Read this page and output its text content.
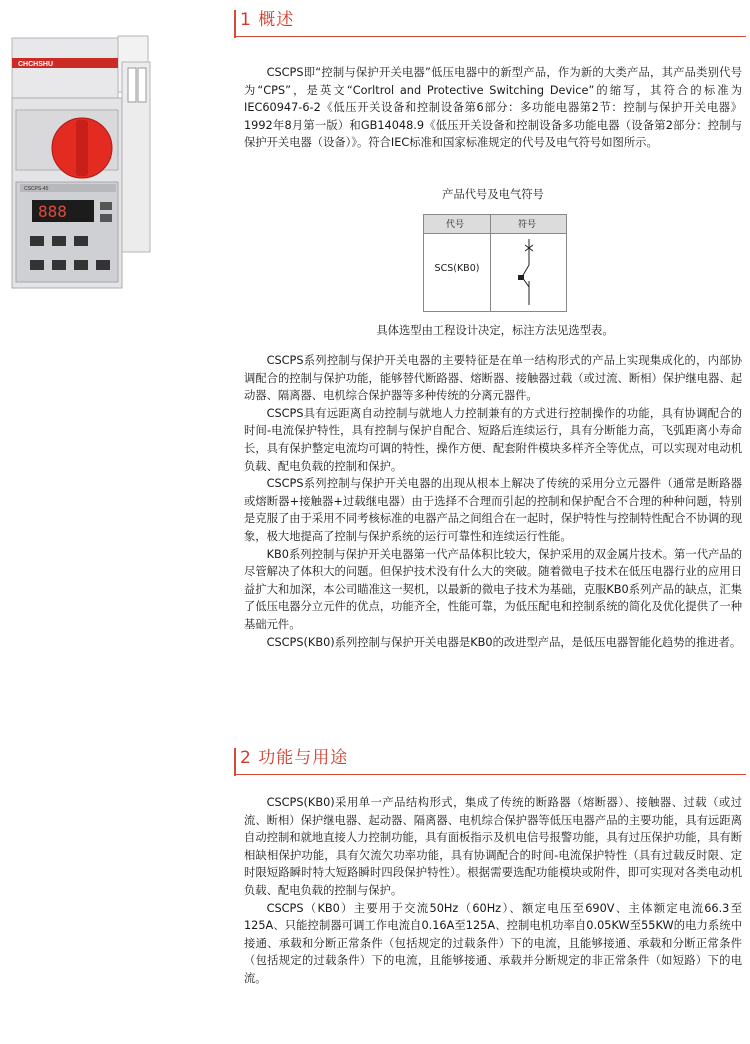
CHCHSHU
CSCPS-45
888
1 概述

CSCPS即“控制与保护开关电器”低压电器中的新型产品，作为新的大类产品，其产品类别代号为“CPS”，是英文“Corltrol and Protective Switching Device”的缩写，其符合的标准为IEC60947-6-2《低压开关设备和控制设备第6部分：多功能电器第2节：控制与保护开关电器》1992年8月第一版）和GB14048.9《低压开关设备和控制设备多功能电器（设备第2部分：控制与保护开关电器（设备）》。符合IEC标准和国家标准规定的代号及电气符号如图所示。

产品代号及电气符号
代号	符号
SCS(KB0)
具体选型由工程设计决定，标注方法见选型表。

CSCPS系列控制与保护开关电器的主要特征是在单一结构形式的产品上实现集成化的，内部协调配合的控制与保护功能，能够替代断路器、熔断器、接触器过载（或过流、断相）保护继电器、起动器、隔离器、电机综合保护器等多种传统的分离元器件。

CSCPS具有远距离自动控制与就地人力控制兼有的方式进行控制操作的功能，具有协调配合的时间-电流保护特性，具有控制与保护自配合、短路后连续运行，具有分断能力高，飞弧距离小寿命长，具有保护整定电流均可调的特性，操作方便、配套附件模块多样齐全等优点，可以实现对电动机负载、配电负载的控制和保护。

CSCPS系列控制与保护开关电器的出现从根本上解决了传统的采用分立元器件（通常是断路器或熔断器+接触器+过载继电器）由于选择不合理而引起的控制和保护配合不合理的种种问题，特别是克服了由于采用不同考核标准的电器产品之间组合在一起时，保护特性与控制特性配合不协调的现象，极大地提高了控制与保护系统的运行可靠性和连续运行性能。

KB0系列控制与保护开关电器第一代产品体积比较大，保护采用的双金属片技术。第一代产品的尽管解决了体积大的问题。但保护技术没有什么大的突破。随着微电子技术在低压电器行业的应用日益扩大和加深，本公司瞄准这一契机，以最新的微电子技术为基础，克服KB0系列产品的缺点，汇集了低压电器分立元件的优点，功能齐全，性能可靠，为低压配电和控制系统的简化及优化提供了一种基础元件。

CSCPS(KB0)系列控制与保护开关电器是KB0的改进型产品，是低压电器智能化趋势的推进者。

2 功能与用途

CSCPS(KB0)采用单一产品结构形式，集成了传统的断路器（熔断器）、接触器、过载（或过流、断相）保护继电器、起动器、隔离器、电机综合保护器等低压电器产品的主要功能，具有远距离自动控制和就地直接人力控制功能，具有面板指示及机电信号报警功能，具有过压保护功能，具有断相缺相保护功能，具有欠流欠功率功能，具有协调配合的时间-电流保护特性（具有过载反时限、定时限短路瞬时特大短路瞬时四段保护特性）。根据需要选配功能模块或附件，即可实现对各类电动机负载、配电负载的控制与保护。

CSCPS（KB0）主要用于交流50Hz（60Hz）、额定电压至690V、主体额定电流66.3至125A、只能控制器可调工作电流自0.16A至125A、控制电机功率自0.05KW至55KW的电力系统中接通、承载和分断正常条件（包括规定的过载条件）下的电流，且能够接通、承载和分断正常条件（包括规定的过载条件）下的电流，且能够接通、承载并分断规定的非正常条件（如短路）下的电流。
